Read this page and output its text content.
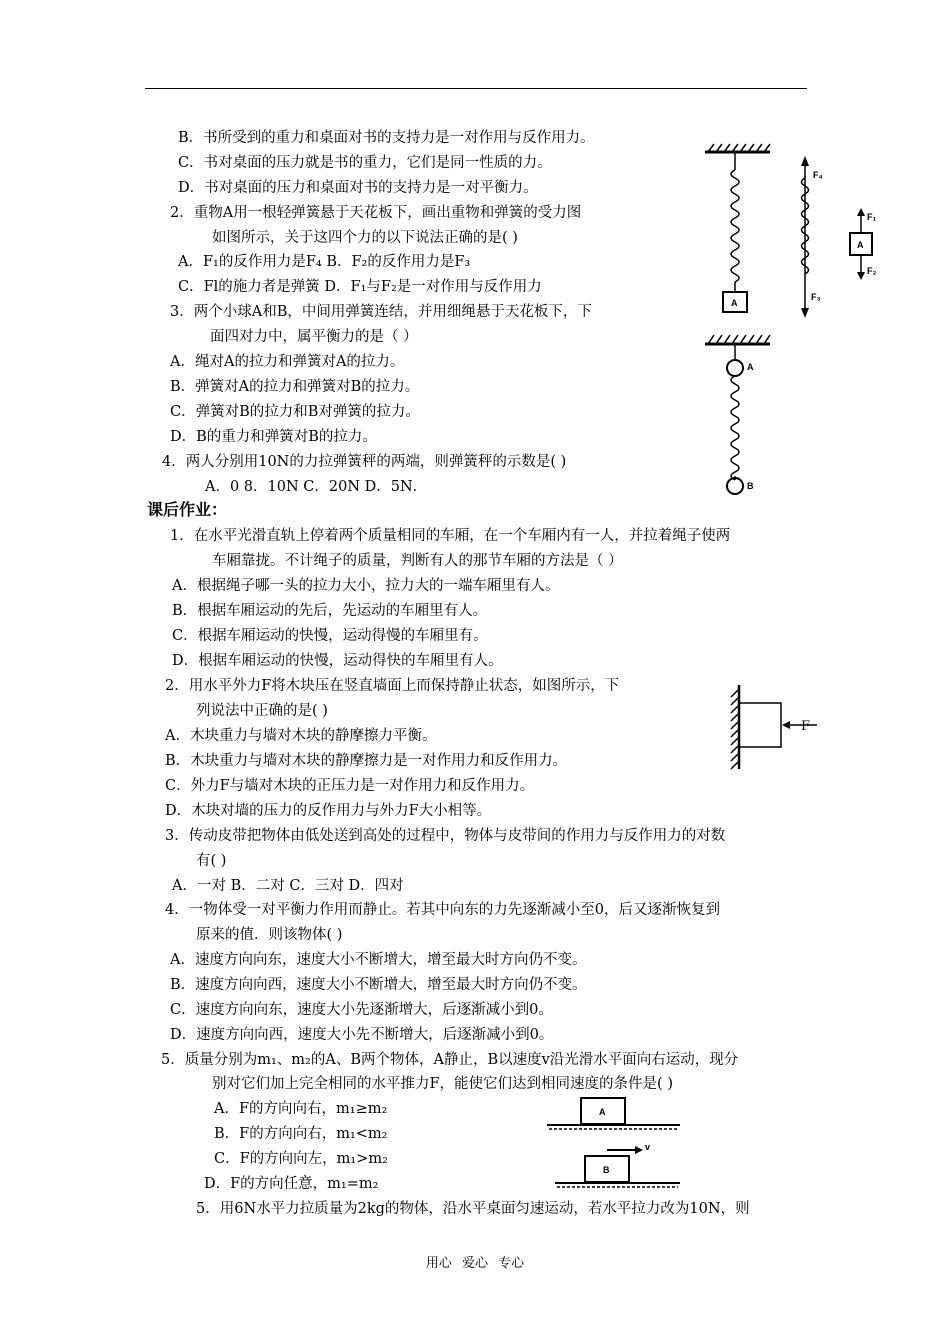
B．书所受到的重力和桌面对书的支持力是一对作用与反作用力。
C．书对桌面的压力就是书的重力，它们是同一性质的力。
D．书对桌面的压力和桌面对书的支持力是一对平衡力。
2．重物A用一根轻弹簧悬于天花板下，画出重物和弹簧的受力图
如图所示，关于这四个力的以下说法正确的是( )
A．F₁的反作用力是F₄ B．F₂的反作用力是F₃
C．Fl的施力者是弹簧 D．F₁与F₂是一对作用与反作用力
3．两个小球A和B，中间用弹簧连结，并用细绳悬于天花板下，下
面四对力中，属平衡力的是（ ）
A．绳对A的拉力和弹簧对A的拉力。
B．弹簧对A的拉力和弹簧对B的拉力。
C．弹簧对B的拉力和B对弹簧的拉力。
D．B的重力和弹簧对B的拉力。
4．两人分别用10N的力拉弹簧秤的两端，则弹簧秤的示数是( )
A．0 8．10N C．20N D．5N．
课后作业：
1．在水平光滑直轨上停着两个质量相同的车厢，在一个车厢内有一人，并拉着绳子使两
车厢靠拢。不计绳子的质量，判断有人的那节车厢的方法是（ ）
A．根据绳子哪一头的拉力大小，拉力大的一端车厢里有人。
B．根据车厢运动的先后，先运动的车厢里有人。
C．根据车厢运动的快慢，运动得慢的车厢里有。
D．根据车厢运动的快慢，运动得快的车厢里有人。
2．用水平外力F将木块压在竖直墙面上而保持静止状态，如图所示，下
列说法中正确的是( )
A．木块重力与墙对木块的静摩擦力平衡。
B．木块重力与墙对木块的静摩擦力是一对作用力和反作用力。
C．外力F与墙对木块的正压力是一对作用力和反作用力。
D．木块对墙的压力的反作用力与外力F大小相等。
3．传动皮带把物体由低处送到高处的过程中，物体与皮带间的作用力与反作用力的对数
有( )
A．一对 B．二对 C．三对 D．四对
4．一物体受一对平衡力作用而静止。若其中向东的力先逐渐减小至0，后又逐渐恢复到
原来的值．则该物体( )
A．速度方向向东，速度大小不断增大，增至最大时方向仍不变。
B．速度方向向西，速度大小不断增大，增至最大时方向仍不变。
C．速度方向向东，速度大小先逐渐增大，后逐渐减小到0。
D．速度方向向西，速度大小先不断增大，后逐渐减小到0。
5．质量分别为m₁、m₂的A、B两个物体，A静止，B以速度v沿光滑水平面向右运动，现分
别对它们加上完全相同的水平推力F，能使它们达到相同速度的条件是( )
A．F的方向向右，m₁≥m₂
B．F的方向向右，m₁<m₂
C．F的方向向左，m₁>m₂
D．F的方向任意，m₁=m₂
5．用6N水平力拉质量为2kg的物体，沿水平桌面匀速运动，若水平拉力改为10N，则
用心 爱心 专心
A
F₄
F₃
F₁
F₂
A
A
B
F
A
B
v
